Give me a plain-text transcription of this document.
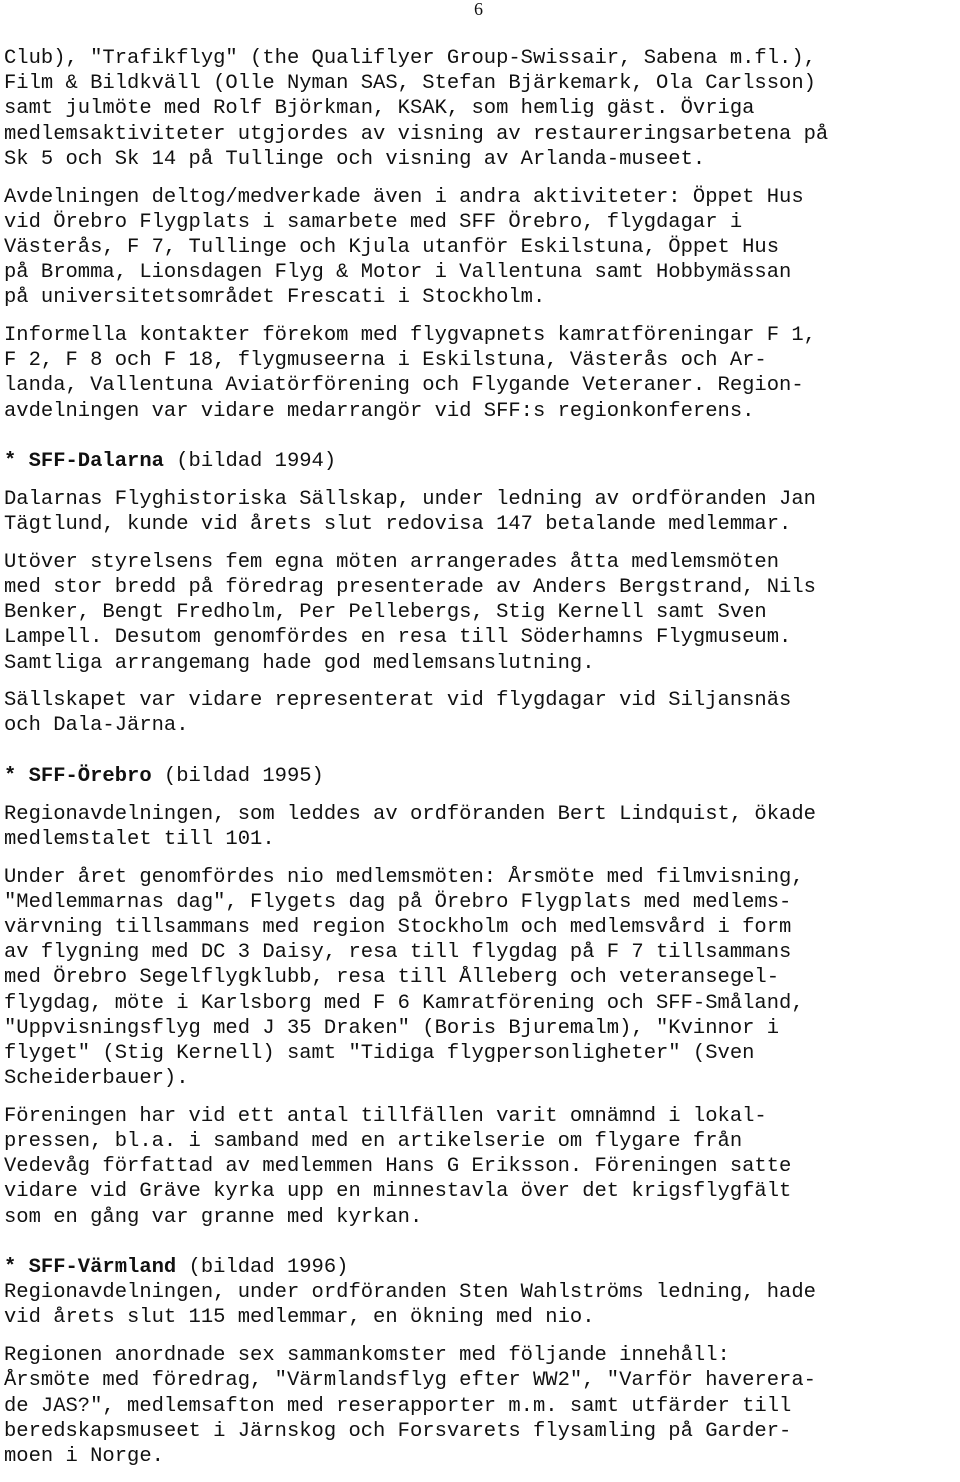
6
Club), "Trafikflyg" (the Qualiflyer Group-Swissair, Sabena m.fl.),
Film & Bildkväll (Olle Nyman SAS, Stefan Bjärkemark, Ola Carlsson)
samt julmöte med Rolf Björkman, KSAK, som hemlig gäst. Övriga
medlemsaktiviteter utgjordes av visning av restaureringsarbetena på
Sk 5 och Sk 14 på Tullinge och visning av Arlanda-museet.
Avdelningen deltog/medverkade även i andra aktiviteter: Öppet Hus
vid Örebro Flygplats i samarbete med SFF Örebro, flygdagar i
Västerås, F 7, Tullinge och Kjula utanför Eskilstuna, Öppet Hus
på Bromma, Lionsdagen Flyg & Motor i Vallentuna samt Hobbymässan
på universitetsområdet Frescati i Stockholm.
Informella kontakter förekom med flygvapnets kamratföreningar F 1,
F 2, F 8 och F 18, flygmuseerna i Eskilstuna, Västerås och Ar-
landa, Vallentuna Aviatörförening och Flygande Veteraner. Region-
avdelningen var vidare medarrangör vid SFF:s regionkonferens.
* SFF-Dalarna (bildad 1994)
Dalarnas Flyghistoriska Sällskap, under ledning av ordföranden Jan
Tägtlund, kunde vid årets slut redovisa 147 betalande medlemmar.
Utöver styrelsens fem egna möten arrangerades åtta medlemsmöten
med stor bredd på föredrag presenterade av Anders Bergstrand, Nils
Benker, Bengt Fredholm, Per Pellebergs, Stig Kernell samt Sven
Lampell. Desutom genomfördes en resa till Söderhamns Flygmuseum.
Samtliga arrangemang hade god medlemsanslutning.
Sällskapet var vidare representerat vid flygdagar vid Siljansnäs
och Dala-Järna.
* SFF-Örebro (bildad 1995)
Regionavdelningen, som leddes av ordföranden Bert Lindquist, ökade
medlemstalet till 101.
Under året genomfördes nio medlemsmöten: Årsmöte med filmvisning,
"Medlemmarnas dag", Flygets dag på Örebro Flygplats med medlems-
värvning tillsammans med region Stockholm och medlemsvård i form
av flygning med DC 3 Daisy, resa till flygdag på F 7 tillsammans
med Örebro Segelflygklubb, resa till Ålleberg och veteransegel-
flygdag, möte i Karlsborg med F 6 Kamratförening och SFF-Småland,
"Uppvisningsflyg med J 35 Draken" (Boris Bjuremalm), "Kvinnor i
flyget" (Stig Kernell) samt "Tidiga flygpersonligheter" (Sven
Scheiderbauer).
Föreningen har vid ett antal tillfällen varit omnämnd i lokal-
pressen, bl.a. i samband med en artikelserie om flygare från
Vedevåg författad av medlemmen Hans G Eriksson. Föreningen satte
vidare vid Gräve kyrka upp en minnestavla över det krigsflygfält
som en gång var granne med kyrkan.
* SFF-Värmland (bildad 1996)
Regionavdelningen, under ordföranden Sten Wahlströms ledning, hade
vid årets slut 115 medlemmar, en ökning med nio.
Regionen anordnade sex sammankomster med följande innehåll:
Årsmöte med föredrag, "Värmlandsflyg efter WW2", "Varför haverera-
de JAS?", medlemsafton med reserapporter m.m. samt utfärder till
beredskapsmuseet i Järnskog och Forsvarets flysamling på Garder-
moen i Norge.
